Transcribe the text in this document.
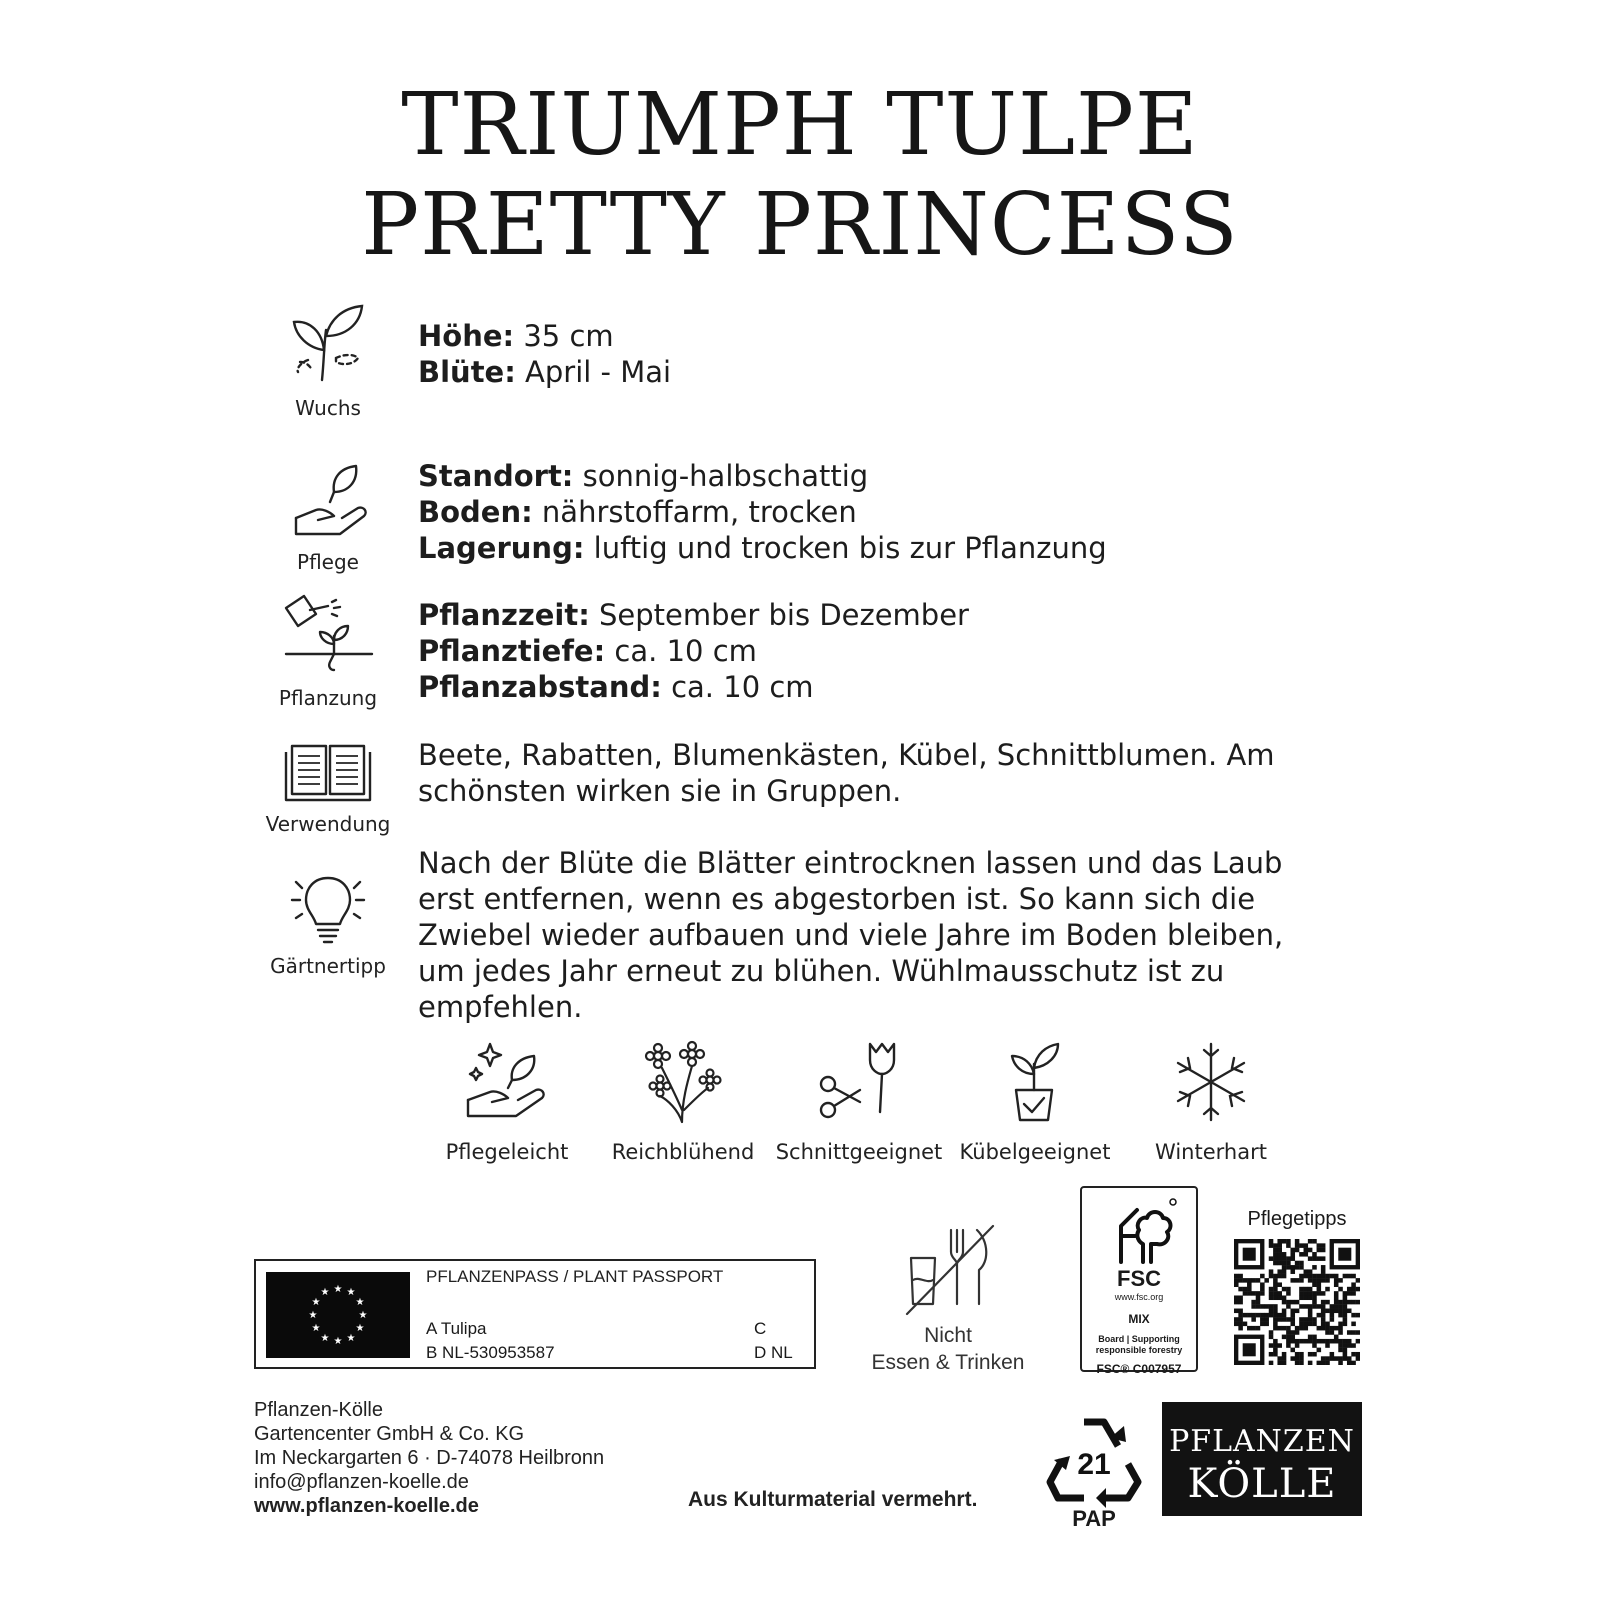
TRIUMPH TULPE
PRETTY PRINCESS
Wuchs
Höhe: 35 cm
Blüte: April - Mai
Pflege
Standort: sonnig-halbschattig
Boden: nährstoffarm, trocken
Lagerung: luftig und trocken bis zur Pflanzung
Pflanzung
Pflanzzeit: September bis Dezember
Pflanztiefe: ca. 10 cm
Pflanzabstand: ca. 10 cm
Verwendung
Beete, Rabatten, Blumenkästen, Kübel, Schnittblumen. Am schönsten wirken sie in Gruppen.
Gärtnertipp
Nach der Blüte die Blätter eintrocknen lassen und das Laub erst entfernen, wenn es abgestorben ist. So kann sich die Zwiebel wieder aufbauen und viele Jahre im Boden bleiben, um jedes Jahr erneut zu blühen. Wühlmausschutz ist zu empfehlen.
Pflegeleicht	Reichblühend	Schnittgeeignet Kübelgeeignet	Winterhart
★ ★
★
★
★
★
★
★
★
★
★
★
PFLANZENPASS / PLANT PASSPORT
A Tulipa
B NL-530953587
C
D NL
Nicht
Essen & Trinken
FSC
www.fsc.org
MIX
Board | Supporting
responsible forestry
FSC® C007957
Pflegetipps
Pflanzen-Kölle
Gartencenter GmbH & Co. KG
Im Neckargarten 6 · D-74078 Heilbronn
info@pflanzen-koelle.de
www.pflanzen-koelle.de	Aus Kulturmaterial vermehrt.
21
PAP
PFLANZEN
KÖLLE
